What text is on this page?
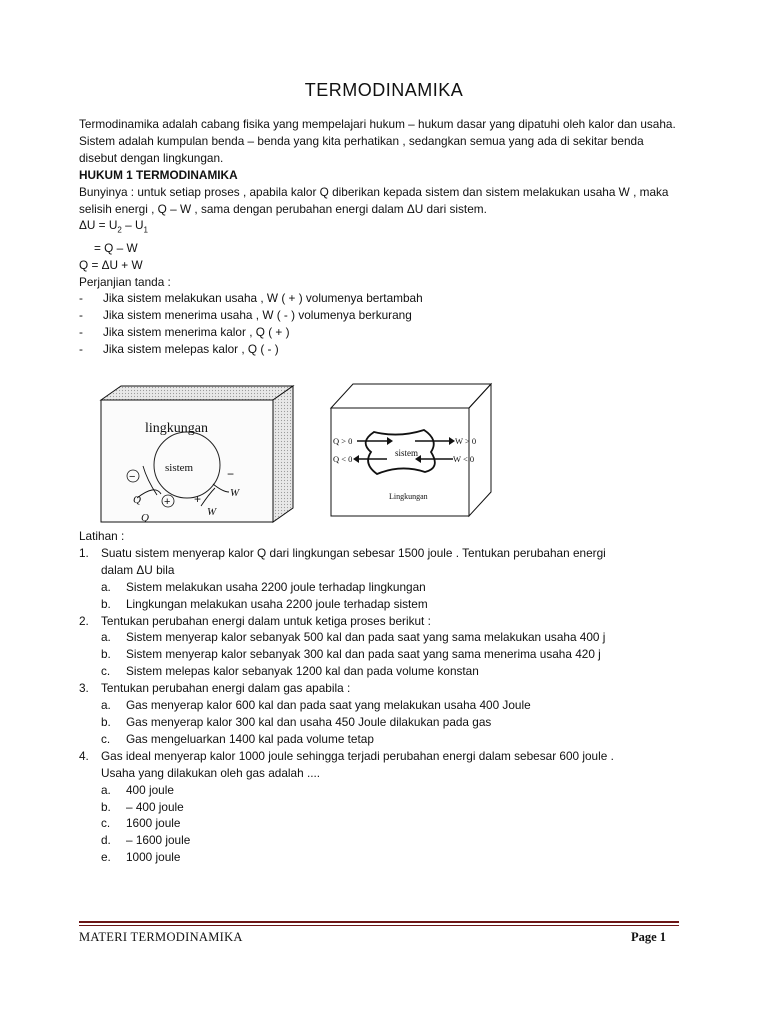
TERMODINAMIKA

Termodinamika adalah cabang fisika yang mempelajari hukum – hukum dasar yang dipatuhi oleh kalor dan usaha.

Sistem adalah kumpulan benda – benda yang kita perhatikan , sedangkan semua yang ada di sekitar benda disebut dengan lingkungan.

HUKUM 1 TERMODINAMIKA

Bunyinya : untuk setiap proses , apabila kalor Q diberikan kepada sistem dan sistem melakukan usaha W , maka selisih energi , Q – W , sama dengan perubahan energi dalam ΔU dari sistem.

$\Delta U = U_2 - U_1$

= Q – W

Q = ΔU + W

Perjanjian tanda :

-	Jika sistem melakukan usaha , W ( + ) volumenya bertambah
-	Jika sistem menerima usaha , W ( - ) volumenya berkurang
-	Jika sistem menerima kalor , Q ( + )
-	Jika sistem melepas kalor , Q ( - )
lingkungan
sistem
−	−
+ +	W
W
Q
Q
sistem
Q > 0
Q < 0
W > 0
W < 0
Lingkungan

Latihan :

1.	Suatu sistem menyerap kalor Q dari lingkungan sebesar 1500 joule . Tentukan perubahan energi

dalam ΔU bila

a.	Sistem melakukan usaha 2200 joule terhadap lingkungan
b.	Lingkungan melakukan usaha 2200 joule terhadap sistem
2.	Tentukan perubahan energi dalam untuk ketiga proses berikut :
a.	Sistem menyerap kalor sebanyak 500 kal dan pada saat yang sama melakukan usaha 400 j
b.	Sistem menyerap kalor sebanyak 300 kal dan pada saat yang sama menerima usaha 420 j
c.	Sistem melepas kalor sebanyak 1200 kal dan pada volume konstan
3.	Tentukan perubahan energi dalam gas apabila :
a.	Gas menyerap kalor 600 kal dan pada saat yang melakukan usaha 400 Joule
b.	Gas menyerap kalor 300 kal dan usaha 450 Joule dilakukan pada gas
c.	Gas mengeluarkan 1400 kal pada volume tetap
4.	Gas ideal menyerap kalor 1000 joule sehingga terjadi perubahan energi dalam sebesar 600 joule .

Usaha yang dilakukan oleh gas adalah ....

a.	400 joule
b.	– 400 joule
c.	1600 joule
d.	– 1600 joule
e.	1000 joule
MATERI TERMODINAMIKA	Page 1
